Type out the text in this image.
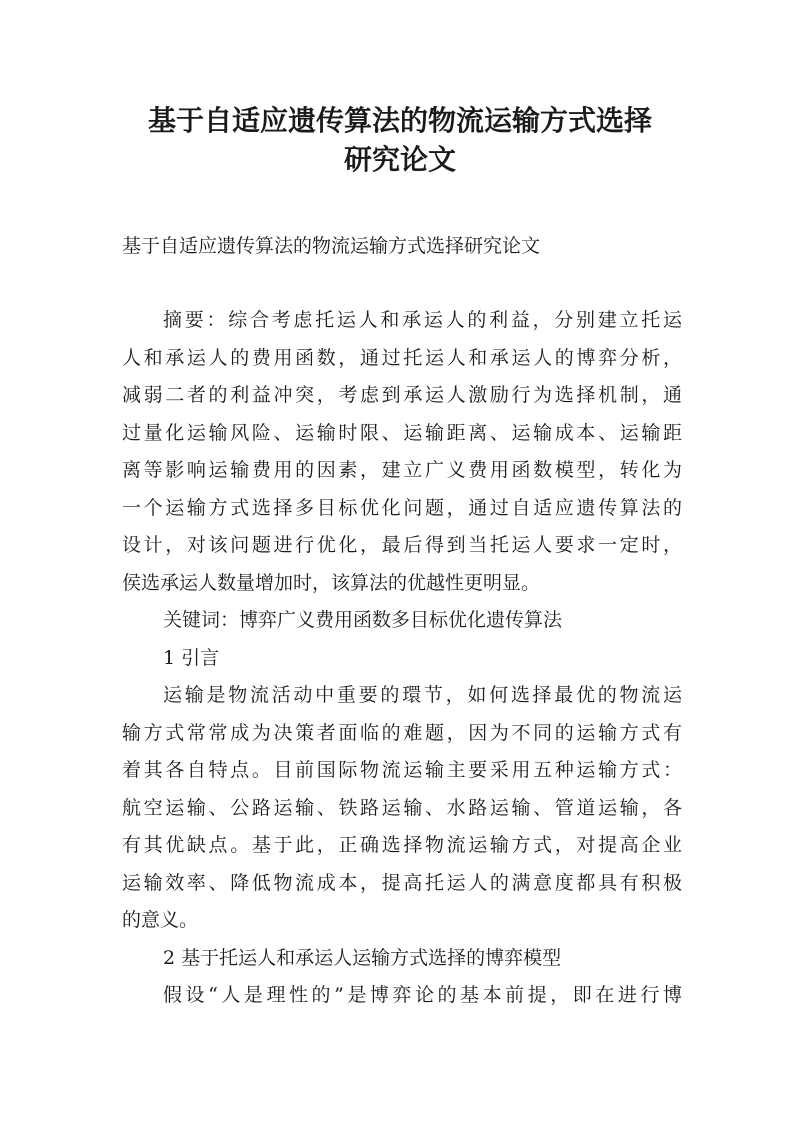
基于自适应遗传算法的物流运输方式选择
研究论文

基于自适应遗传算法的物流运输方式选择研究论文

摘要：综合考虑托运人和承运人的利益，分别建立托运

人和承运人的费用函数，通过托运人和承运人的博弈分析，

减弱二者的利益冲突，考虑到承运人激励行为选择机制，通

过量化运输风险、运输时限、运输距离、运输成本、运输距

离等影响运输费用的因素，建立广义费用函数模型，转化为

一个运输方式选择多目标优化问题，通过自适应遗传算法的

设计，对该问题进行优化，最后得到当托运人要求一定时，

侯选承运人数量增加时，该算法的优越性更明显。

关键词：博弈广义费用函数多目标优化遗传算法

1 引言

运输是物流活动中重要的環节，如何选择最优的物流运

输方式常常成为决策者面临的难题，因为不同的运输方式有

着其各自特点。目前国际物流运输主要采用五种运输方式：

航空运输、公路运输、铁路运输、水路运输、管道运输，各

有其优缺点。基于此，正确选择物流运输方式，对提高企业

运输效率、降低物流成本，提高托运人的满意度都具有积极

的意义。

2 基于托运人和承运人运输方式选择的博弈模型

假设“人是理性的”是博弈论的基本前提，即在进行博
